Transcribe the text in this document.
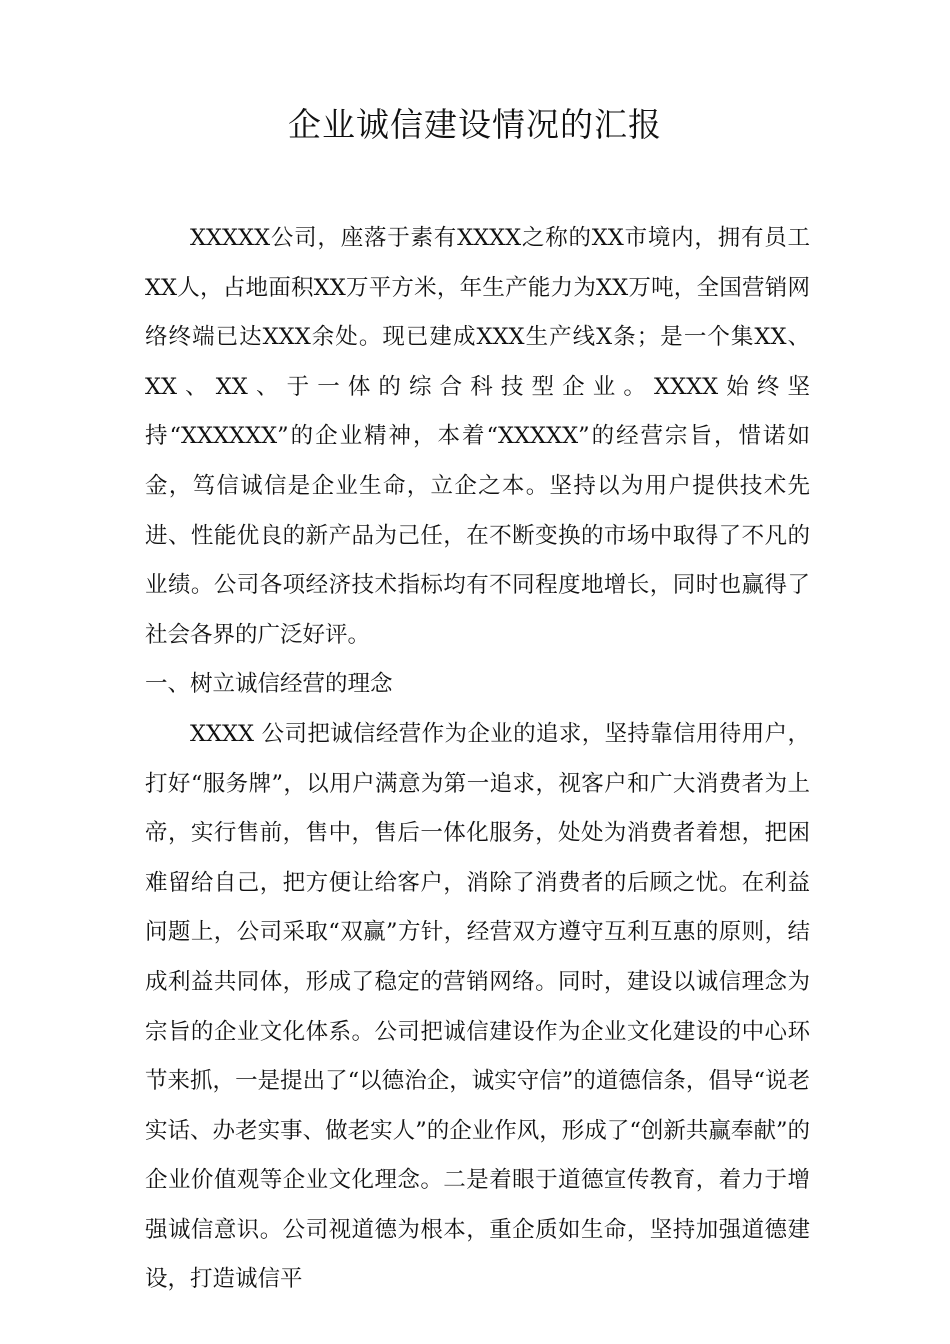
企业诚信建设情况的汇报

XXXXX公司，座落于素有XXXX之称的XX市境内，拥有员工XX人，占地面积XX万平方米，年生产能力为XX万吨，全国营销网络终端已达XXX余处。现已建成XXX生产线X条；是一个集XX、XX、XX、于一体的综合科技型企业。XXXX始终坚持“XXXXXX”的企业精神，本着“XXXXX”的经营宗旨，惜诺如金，笃信诚信是企业生命，立企之本。坚持以为用户提供技术先进、性能优良的新产品为己任，在不断变换的市场中取得了不凡的业绩。公司各项经济技术指标均有不同程度地增长，同时也赢得了社会各界的广泛好评。

一、树立诚信经营的理念

XXXX 公司把诚信经营作为企业的追求，坚持靠信用待用户，打好“服务牌”，以用户满意为第一追求，视客户和广大消费者为上帝，实行售前，售中，售后一体化服务，处处为消费者着想，把困难留给自己，把方便让给客户，消除了消费者的后顾之忧。在利益问题上，公司采取“双赢”方针，经营双方遵守互利互惠的原则，结成利益共同体，形成了稳定的营销网络。同时，建设以诚信理念为宗旨的企业文化体系。公司把诚信建设作为企业文化建设的中心环节来抓，一是提出了“以德治企，诚实守信”的道德信条，倡导“说老实话、办老实事、做老实人”的企业作风，形成了“创新共赢奉献”的企业价值观等企业文化理念。二是着眼于道德宣传教育，着力于增强诚信意识。公司视道德为根本，重企质如生命，坚持加强道德建设，打造诚信平
